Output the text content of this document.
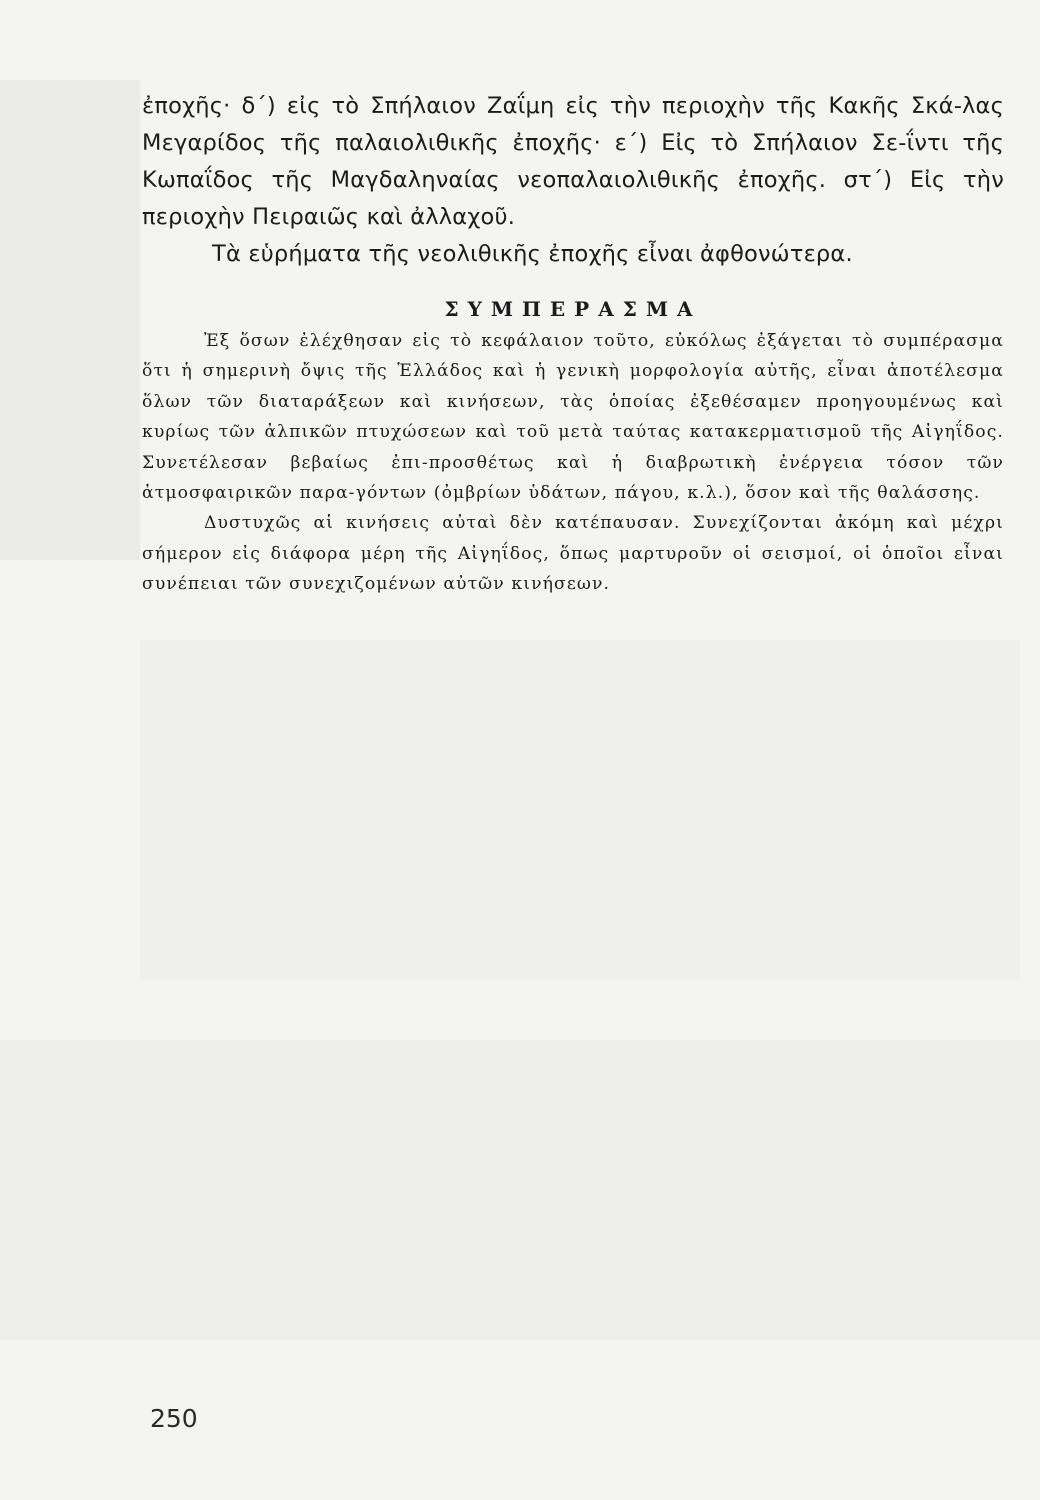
ἐποχῆς· δ΄) εἰς τὸ Σπήλαιον Ζαΐμη εἰς τὴν περιοχὴν τῆς Κακῆς Σκά-λας Μεγαρίδος τῆς παλαιολιθικῆς ἐποχῆς· ε΄) Εἰς τὸ Σπήλαιον Σε-ΐντι τῆς Κωπαΐδος τῆς Μαγδαληναίας νεοπαλαιολιθικῆς ἐποχῆς. στ΄) Εἰς τὴν περιοχὴν Πειραιῶς καὶ ἀλλαχοῦ.

Τὰ εὑρήματα τῆς νεολιθικῆς ἐποχῆς εἶναι ἀφθονώτερα.

ΣΥΜΠΕΡΑΣΜΑ

Ἐξ ὅσων ἐλέχθησαν εἰς τὸ κεφάλαιον τοῦτο, εὐκόλως ἐξάγεται τὸ συμπέρασμα ὅτι ἡ σημερινὴ ὄψις τῆς Ἑλλάδος καὶ ἡ γενικὴ μορφολογία αὐτῆς, εἶναι ἀποτέλεσμα ὅλων τῶν διαταράξεων καὶ κινήσεων, τὰς ὁποίας ἐξεθέσαμεν προηγουμένως καὶ κυρίως τῶν ἀλπικῶν πτυχώσεων καὶ τοῦ μετὰ ταύτας κατακερματισμοῦ τῆς Αἰγηΐδος. Συνετέλεσαν βεβαίως ἐπι-προσθέτως καὶ ἡ διαβρωτικὴ ἐνέργεια τόσον τῶν ἀτμοσφαιρικῶν παρα-γόντων (ὀμβρίων ὑδάτων, πάγου, κ.λ.), ὅσον καὶ τῆς θαλάσσης.

Δυστυχῶς αἱ κινήσεις αὐταὶ δὲν κατέπαυσαν. Συνεχίζονται ἀκόμη καὶ μέχρι σήμερον εἰς διάφορα μέρη τῆς Αἰγηΐδος, ὅπως μαρτυροῦν οἱ σεισμοί, οἱ ὁποῖοι εἶναι συνέπειαι τῶν συνεχιζομένων αὐτῶν κινήσεων.

250
